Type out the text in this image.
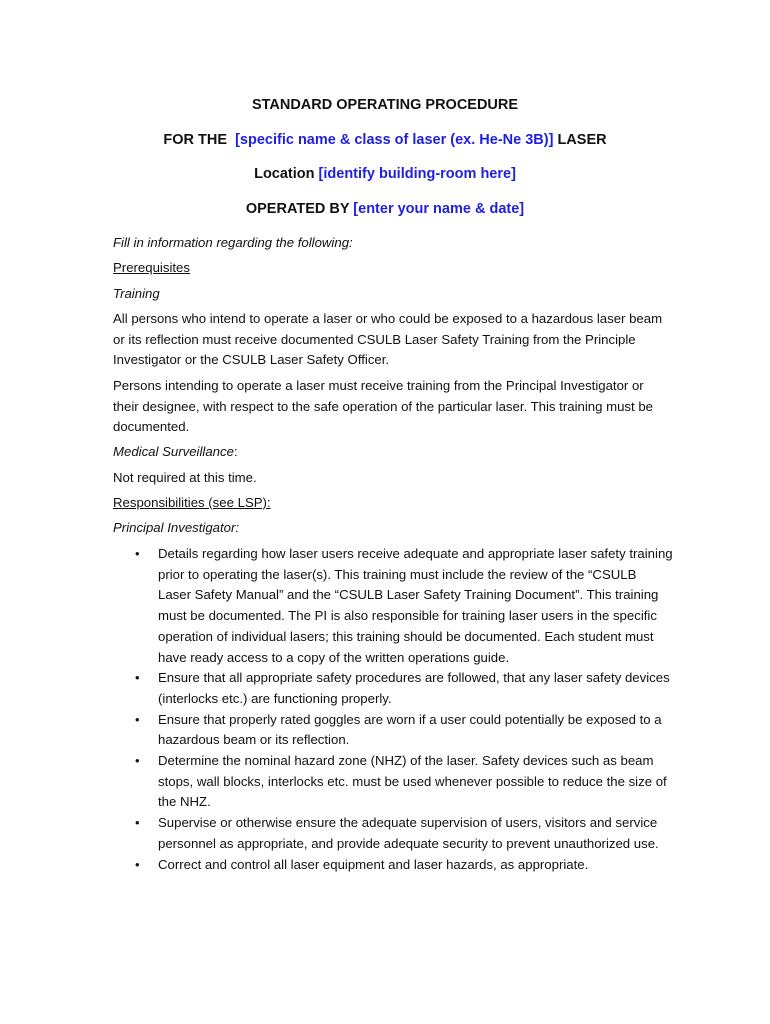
STANDARD OPERATING PROCEDURE
FOR THE  [specific name & class of laser (ex. He-Ne 3B)] LASER
Location [identify building-room here]
OPERATED BY [enter your name & date]
Fill in information regarding the following:
Prerequisites
Training

All persons who intend to operate a laser or who could be exposed to a hazardous laser beam or its reflection must receive documented CSULB Laser Safety Training from the Principle Investigator or the CSULB Laser Safety Officer.

Persons intending to operate a laser must receive training from the Principal Investigator or their designee, with respect to the safe operation of the particular laser. This training must be documented.

Medical Surveillance:
Not required at this time.
Responsibilities (see LSP):
Principal Investigator:
• Details regarding how laser users receive adequate and appropriate laser safety training prior to operating the laser(s). This training must include the review of the “CSULB Laser Safety Manual” and the “CSULB Laser Safety Training Document”. This training must be documented. The PI is also responsible for training laser users in the specific operation of individual lasers; this training should be documented. Each student must have ready access to a copy of the written operations guide.
• Ensure that all appropriate safety procedures are followed, that any laser safety devices (interlocks etc.) are functioning properly.
• Ensure that properly rated goggles are worn if a user could potentially be exposed to a hazardous beam or its reflection.
• Determine the nominal hazard zone (NHZ) of the laser. Safety devices such as beam stops, wall blocks, interlocks etc. must be used whenever possible to reduce the size of the NHZ.
• Supervise or otherwise ensure the adequate supervision of users, visitors and service personnel as appropriate, and provide adequate security to prevent unauthorized use.
• Correct and control all laser equipment and laser hazards, as appropriate.
